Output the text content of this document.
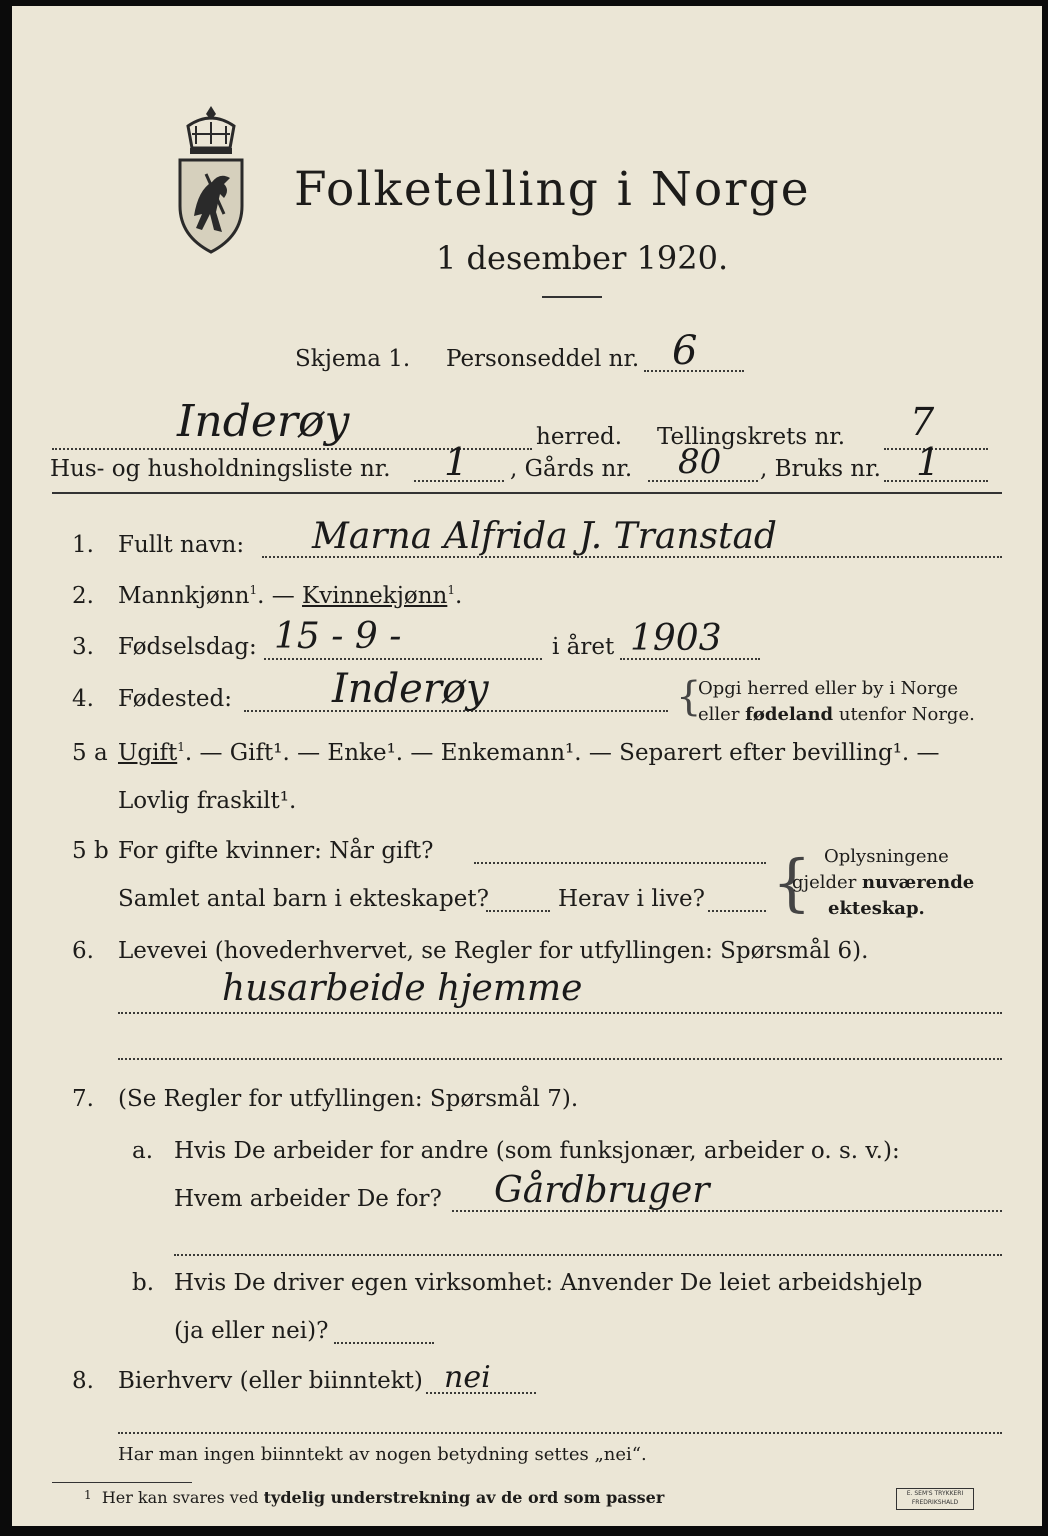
Folketelling i Norge
1 desember 1920.
Skjema 1. Personseddel nr. 6
Inderøy	herred. Tellingskrets nr. 7
Hus- og husholdningsliste nr. 1 , Gårds nr. 80 , Bruks nr. 1
1. Fullt navn: Marna Alfrida J. Transtad
2. Mannkjønn$^1$. — Kvinnekjønn$^1$.
3. Fødselsdag: 15 - 9 -	i året 1903
4. Fødested: Inderøy	{
Opgi herred eller by i Norge
eller fødeland utenfor Norge.
5 a Ugift$^1$. — Gift¹. — Enke¹. — Enkemann¹. — Separert efter bevilling¹. —
Lovlig fraskilt¹.
5 b For gifte kvinner: Når gift?
Samlet antal barn i ekteskapet?	Herav i live? { Oplysningene
gjelder nuværende
ekteskap.
6. Levevei (hovederhvervet, se Regler for utfyllingen: Spørsmål 6).
husarbeide hjemme
7. (Se Regler for utfyllingen: Spørsmål 7).
a. Hvis De arbeider for andre (som funksjonær, arbeider o. s. v.):
Hvem arbeider De for? Gårdbruger
b. Hvis De driver egen virksomhet: Anvender De leiet arbeidshjelp
(ja eller nei)?
8. Bierhverv (eller biinntekt) nei
Har man ingen biinntekt av nogen betydning settes „nei“.
$^1$ Her kan svares ved tydelig understrekning av de ord som passer	E. SEM'S TRYKKERI FREDRIKSHALD
